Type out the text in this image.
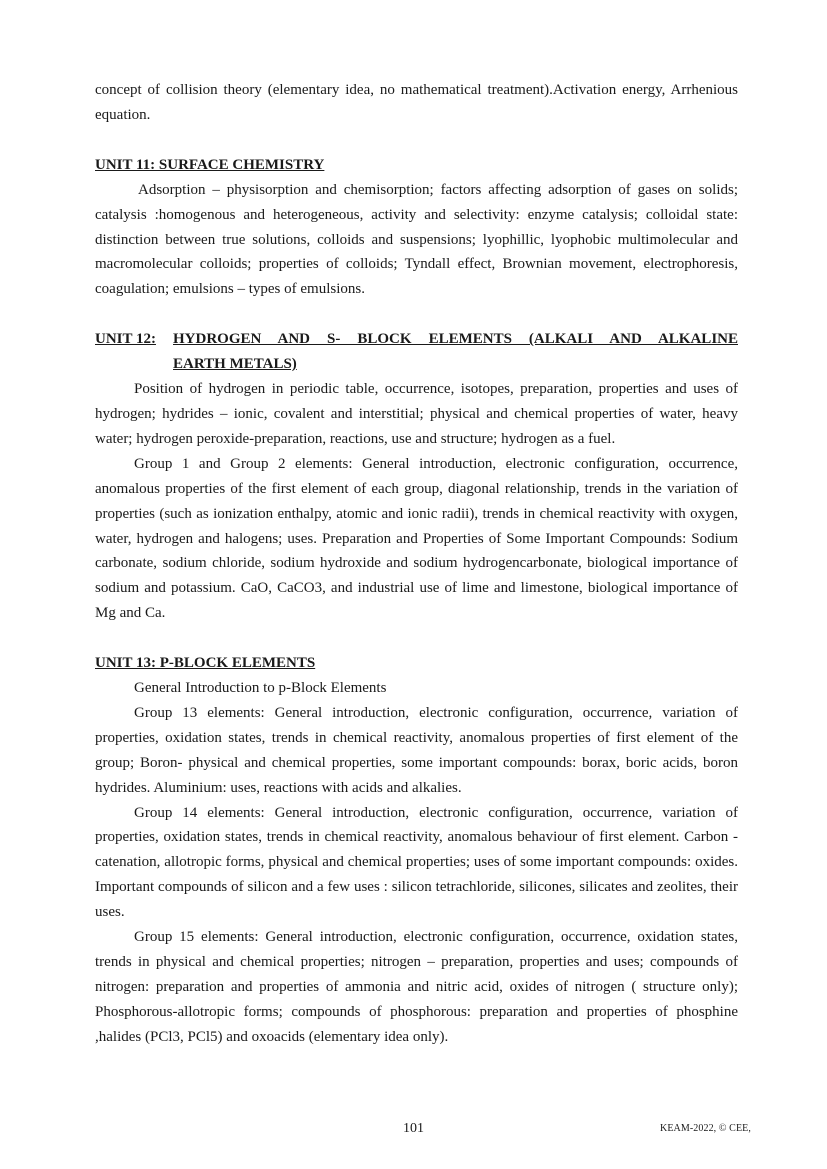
concept of collision theory (elementary idea, no mathematical treatment).Activation energy, Arrhenious equation.

UNIT 11: SURFACE CHEMISTRY

Adsorption – physisorption and chemisorption; factors affecting adsorption of gases on solids; catalysis :homogenous and heterogeneous, activity and selectivity: enzyme catalysis; colloidal state: distinction between true solutions, colloids and suspensions; lyophillic, lyophobic multimolecular and macromolecular colloids; properties of colloids; Tyndall effect, Brownian movement, electrophoresis, coagulation; emulsions – types of emulsions.

UNIT 12:	HYDROGEN AND S- BLOCK ELEMENTS (ALKALI AND ALKALINE
EARTH METALS)

Position of hydrogen in periodic table, occurrence, isotopes, preparation, properties and uses of hydrogen; hydrides – ionic, covalent and interstitial; physical and chemical properties of water, heavy water; hydrogen peroxide-preparation, reactions, use and structure; hydrogen as a fuel.

Group 1 and Group 2 elements: General introduction, electronic configuration, occurrence, anomalous properties of the first element of each group, diagonal relationship, trends in the variation of properties (such as ionization enthalpy, atomic and ionic radii), trends in chemical reactivity with oxygen, water, hydrogen and halogens; uses. Preparation and Properties of Some Important Compounds: Sodium carbonate, sodium chloride, sodium hydroxide and sodium hydrogencarbonate, biological importance of sodium and potassium. CaO, CaCO3, and industrial use of lime and limestone, biological importance of Mg and Ca.

UNIT 13: P-BLOCK ELEMENTS

General Introduction to p-Block Elements

Group 13 elements: General introduction, electronic configuration, occurrence, variation of properties, oxidation states, trends in chemical reactivity, anomalous properties of first element of the group; Boron- physical and chemical properties, some important compounds: borax, boric acids, boron hydrides. Aluminium: uses, reactions with acids and alkalies.

Group 14 elements: General introduction, electronic configuration, occurrence, variation of properties, oxidation states, trends in chemical reactivity, anomalous behaviour of first element. Carbon - catenation, allotropic forms, physical and chemical properties; uses of some important compounds: oxides. Important compounds of silicon and a few uses : silicon tetrachloride, silicones, silicates and zeolites, their uses.

Group 15 elements: General introduction, electronic configuration, occurrence, oxidation states, trends in physical and chemical properties; nitrogen – preparation, properties and uses; compounds of nitrogen: preparation and properties of ammonia and nitric acid, oxides of nitrogen ( structure only); Phosphorous-allotropic forms; compounds of phosphorous: preparation and properties of phosphine ,halides (PCl3, PCl5) and oxoacids (elementary idea only).

101	KEAM-2022, © CEE,
